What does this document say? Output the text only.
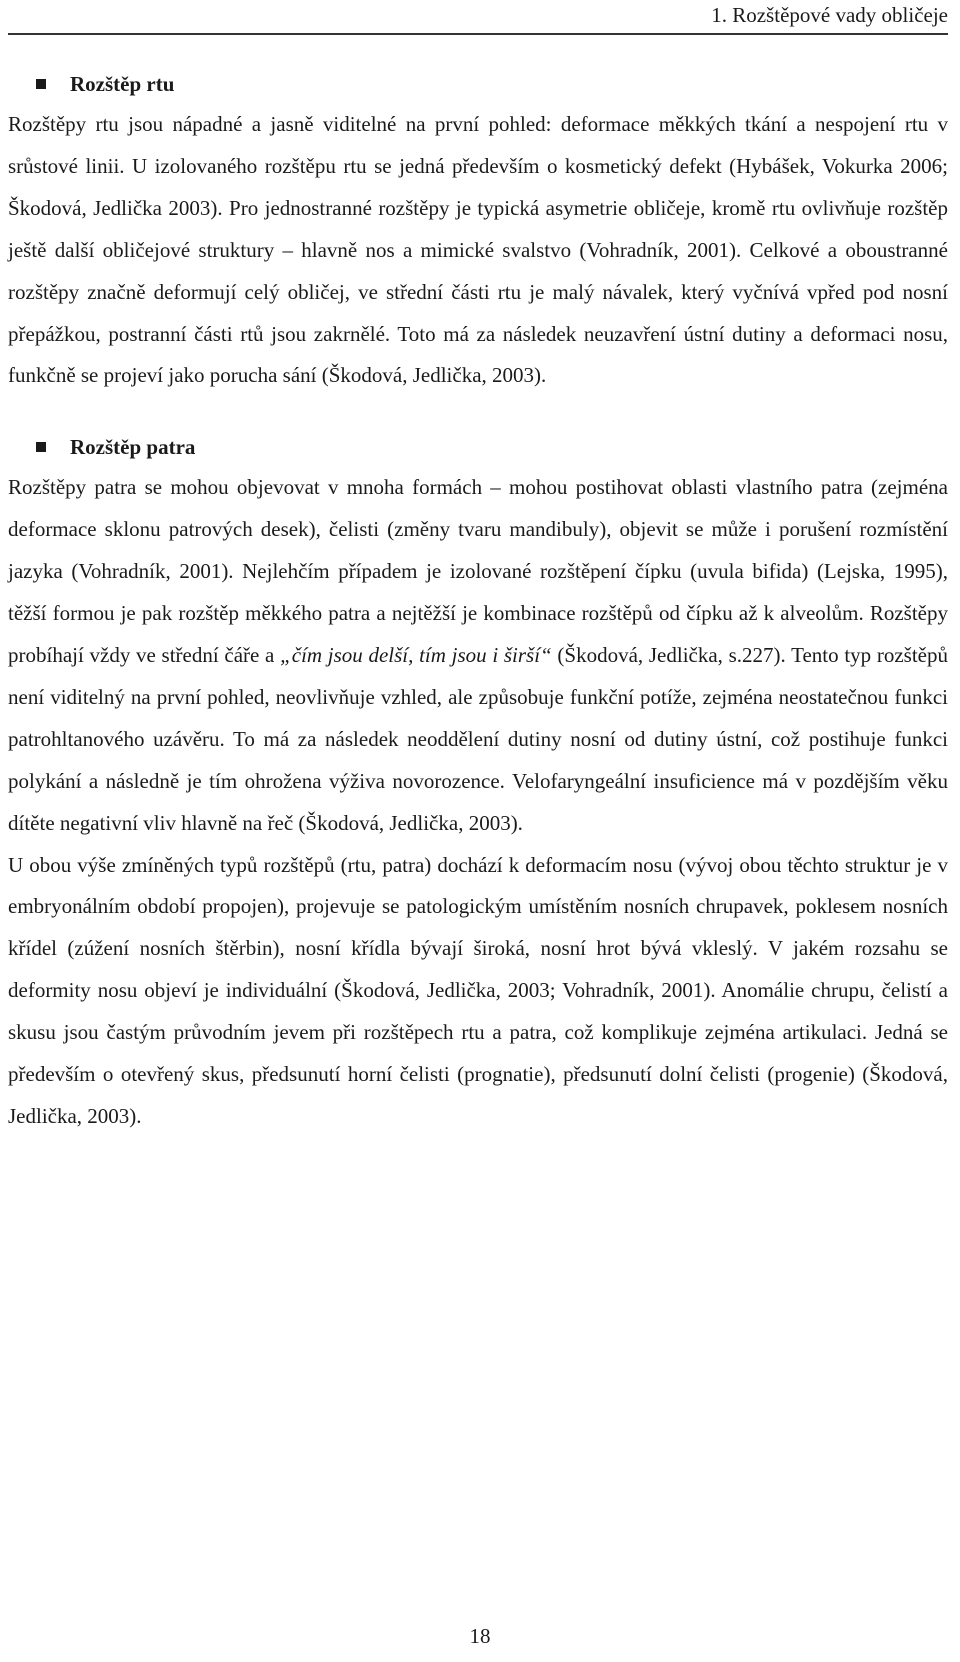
1. Rozštěpové vady obličeje
Rozštěp rtu

Rozštěpy rtu jsou nápadné a jasně viditelné na první pohled: deformace měkkých tkání a nespojení rtu v srůstové linii. U izolovaného rozštěpu rtu se jedná především o kosmetický defekt (Hybášek, Vokurka 2006; Škodová, Jedlička 2003). Pro jednostranné rozštěpy je typická asymetrie obličeje, kromě rtu ovlivňuje rozštěp ještě další obličejové struktury – hlavně nos a mimické svalstvo (Vohradník, 2001). Celkové a oboustranné rozštěpy značně deformují celý obličej, ve střední části rtu je malý návalek, který vyčnívá vpřed pod nosní přepážkou, postranní části rtů jsou zakrnělé. Toto má za následek neuzavření ústní dutiny a deformaci nosu, funkčně se projeví jako porucha sání (Škodová, Jedlička, 2003).

Rozštěp patra

Rozštěpy patra se mohou objevovat v mnoha formách – mohou postihovat oblasti vlastního patra (zejména deformace sklonu patrových desek), čelisti (změny tvaru mandibuly), objevit se může i porušení rozmístění jazyka (Vohradník, 2001). Nejlehčím případem je izolované rozštěpení čípku (uvula bifida) (Lejska, 1995), těžší formou je pak rozštěp měkkého patra a nejtěžší je kombinace rozštěpů od čípku až k alveolům. Rozštěpy probíhají vždy ve střední čáře a „čím jsou delší, tím jsou i širší“ (Škodová, Jedlička, s.227). Tento typ rozštěpů není viditelný na první pohled, neovlivňuje vzhled, ale způsobuje funkční potíže, zejména neostatečnou funkci patrohltanového uzávěru. To má za následek neoddělení dutiny nosní od dutiny ústní, což postihuje funkci polykání a následně je tím ohrožena výživa novorozence. Velofaryngeální insuficience má v pozdějším věku dítěte negativní vliv hlavně na řeč (Škodová, Jedlička, 2003).

U obou výše zmíněných typů rozštěpů (rtu, patra) dochází k deformacím nosu (vývoj obou těchto struktur je v embryonálním období propojen), projevuje se patologickým umístěním nosních chrupavek, poklesem nosních křídel (zúžení nosních štěrbin), nosní křídla bývají široká, nosní hrot bývá vkleslý. V jakém rozsahu se deformity nosu objeví je individuální (Škodová, Jedlička, 2003; Vohradník, 2001). Anomálie chrupu, čelistí a skusu jsou častým průvodním jevem při rozštěpech rtu a patra, což komplikuje zejména artikulaci. Jedná se především o otevřený skus, předsunutí horní čelisti (prognatie), předsunutí dolní čelisti (progenie) (Škodová, Jedlička, 2003).

18
